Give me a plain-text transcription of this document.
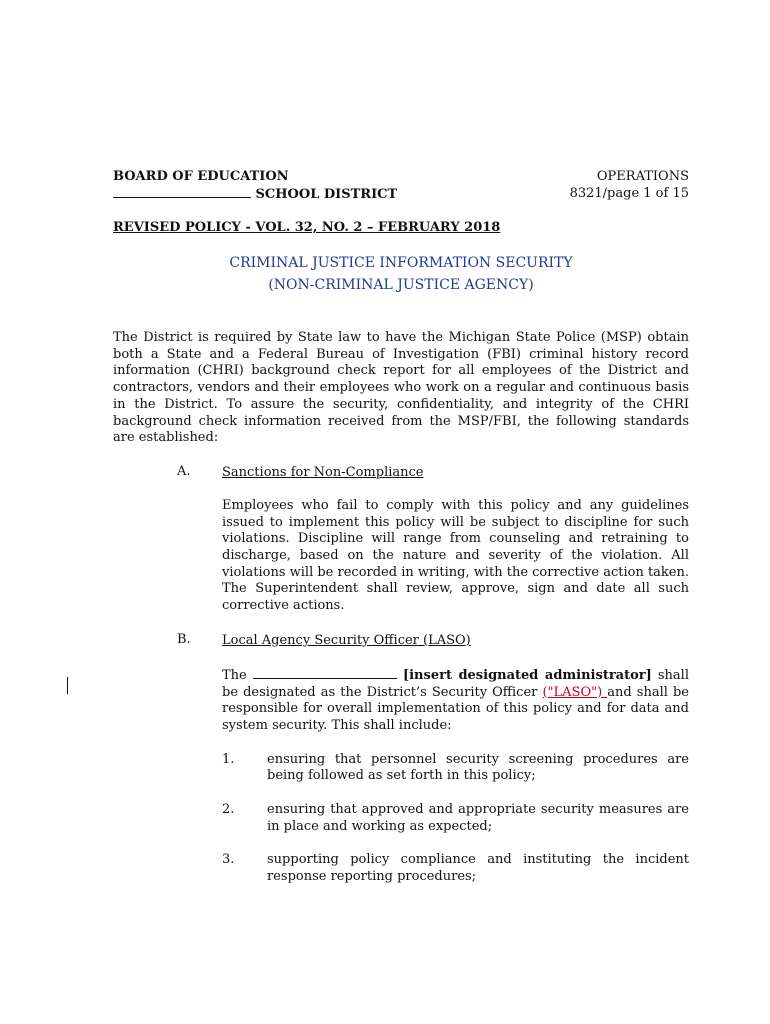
BOARD OF EDUCATION	OPERATIONS
SCHOOL DISTRICT	8321/page 1 of 15
REVISED POLICY - VOL. 32, NO. 2 – FEBRUARY 2018
CRIMINAL JUSTICE INFORMATION SECURITY
(NON-CRIMINAL JUSTICE AGENCY)

The District is required by State law to have the Michigan State Police (MSP) obtain both a State and a Federal Bureau of Investigation (FBI) criminal history record information (CHRI) background check report for all employees of the District and contractors, vendors and their employees who work on a regular and continuous basis in the District. To assure the security, confidentiality, and integrity of the CHRI background check information received from the MSP/FBI, the following standards are established:

A. Sanctions for Non-Compliance

Employees who fail to comply with this policy and any guidelines issued to implement this policy will be subject to discipline for such violations. Discipline will range from counseling and retraining to discharge, based on the nature and severity of the violation. All violations will be recorded in writing, with the corrective action taken. The Superintendent shall review, approve, sign and date all such corrective actions.

B. Local Agency Security Officer (LASO)

The	[insert designated administrator] shall be designated as the District’s Security Officer ("LASO") and shall be responsible for overall implementation of this policy and for data and system security. This shall include:

1.	ensuring that personnel security screening procedures are being followed as set forth in this policy;

2.	ensuring that approved and appropriate security measures are in place and working as expected;

3.	supporting policy compliance and instituting the incident response reporting procedures;
